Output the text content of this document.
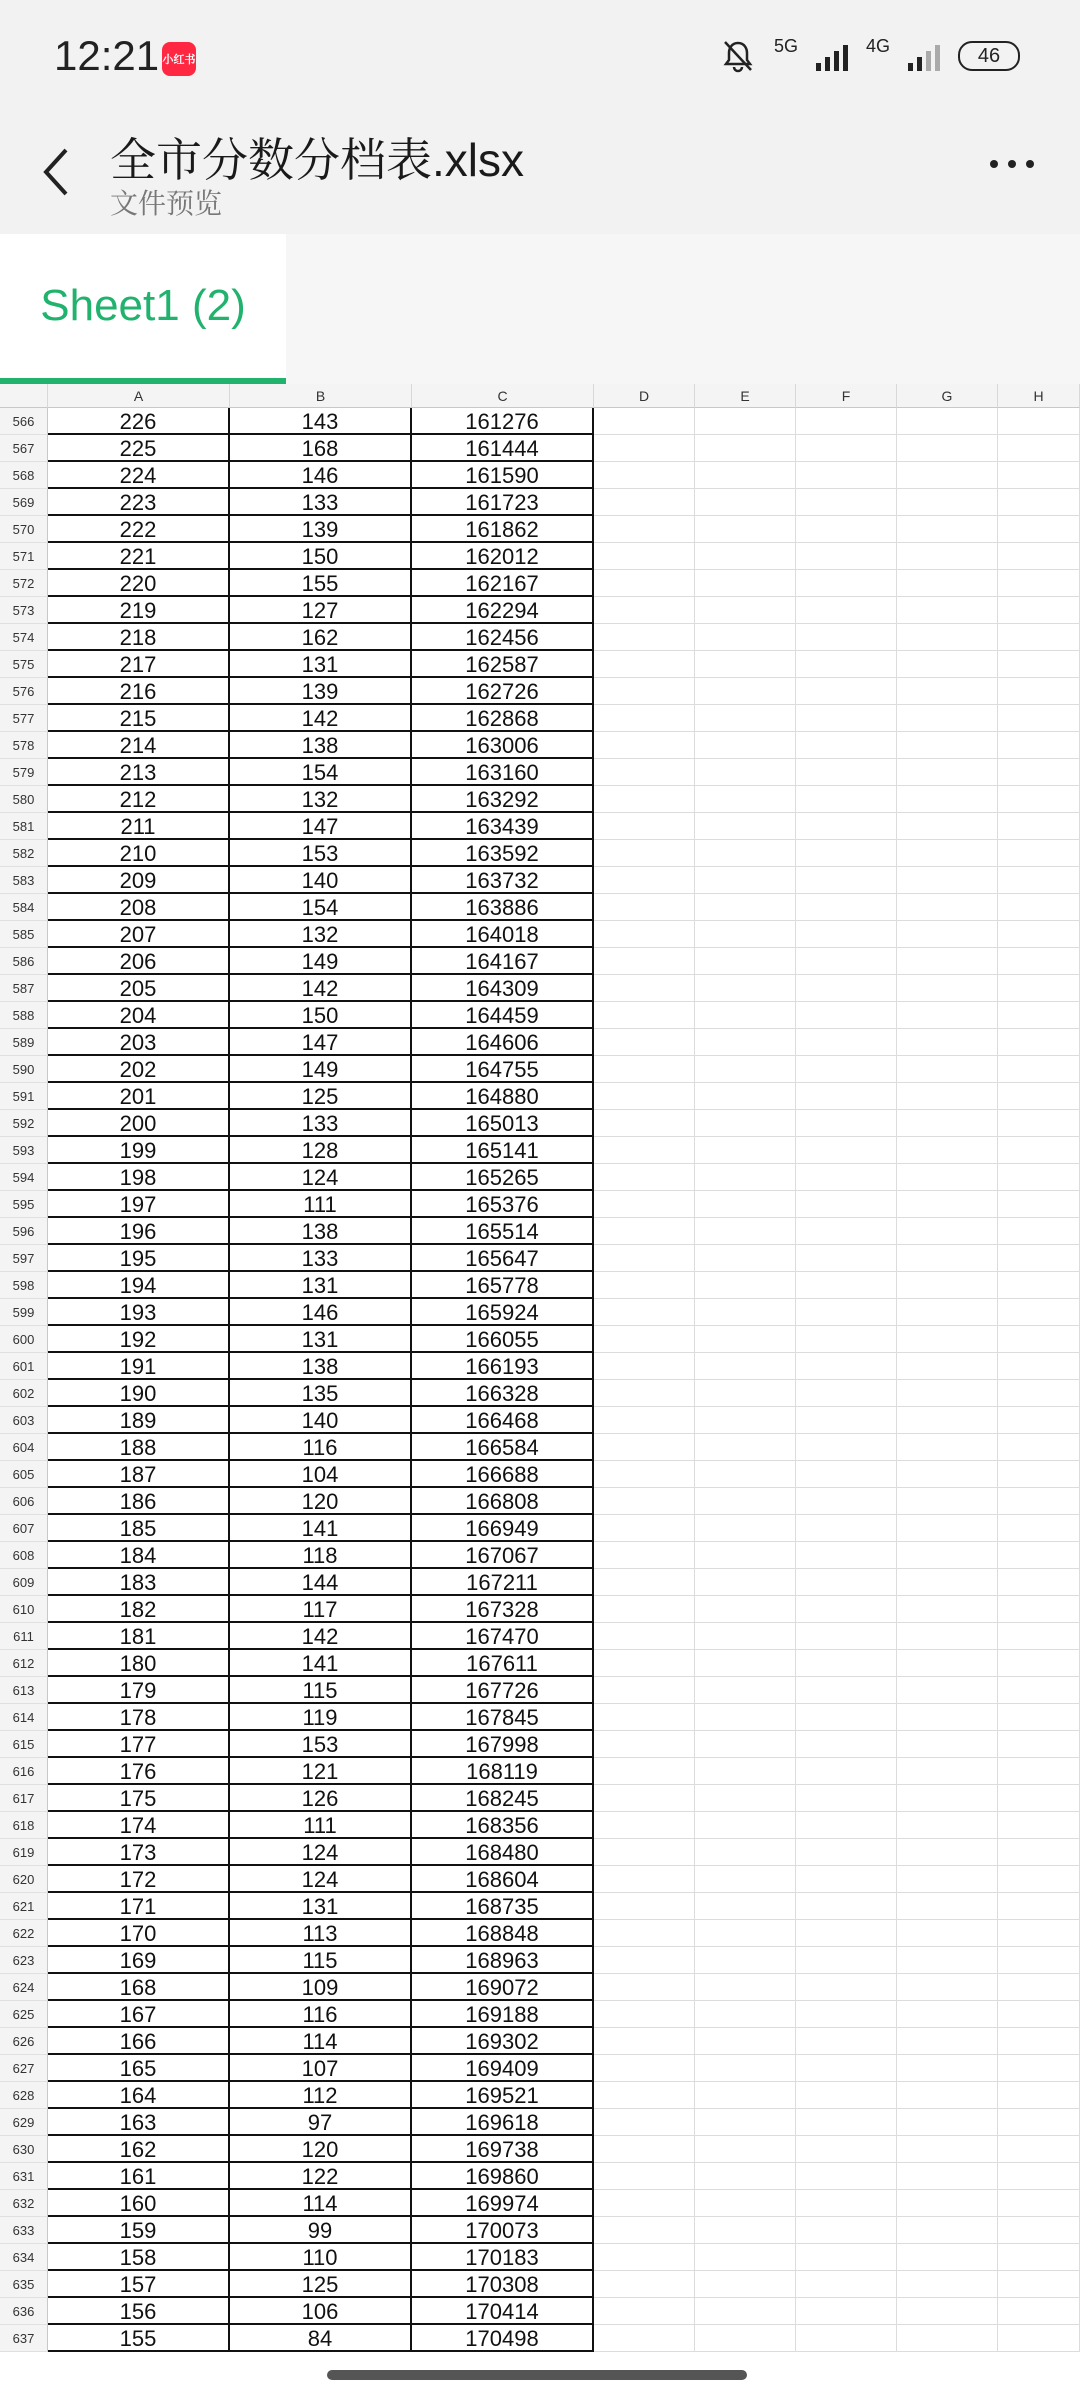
12:21 小红书
5G	4G	46
全市分数分档表.xlsx
文件预览
Sheet1 (2)
A	B	C	D	E	F	G	H
566	226	143	161276
567	225	168	161444
568	224	146	161590
569	223	133	161723
570	222	139	161862
571	221	150	162012
572	220	155	162167
573	219	127	162294
574	218	162	162456
575	217	131	162587
576	216	139	162726
577	215	142	162868
578	214	138	163006
579	213	154	163160
580	212	132	163292
581	211	147	163439
582	210	153	163592
583	209	140	163732
584	208	154	163886
585	207	132	164018
586	206	149	164167
587	205	142	164309
588	204	150	164459
589	203	147	164606
590	202	149	164755
591	201	125	164880
592	200	133	165013
593	199	128	165141
594	198	124	165265
595	197	111	165376
596	196	138	165514
597	195	133	165647
598	194	131	165778
599	193	146	165924
600	192	131	166055
601	191	138	166193
602	190	135	166328
603	189	140	166468
604	188	116	166584
605	187	104	166688
606	186	120	166808
607	185	141	166949
608	184	118	167067
609	183	144	167211
610	182	117	167328
611	181	142	167470
612	180	141	167611
613	179	115	167726
614	178	119	167845
615	177	153	167998
616	176	121	168119
617	175	126	168245
618	174	111	168356
619	173	124	168480
620	172	124	168604
621	171	131	168735
622	170	113	168848
623	169	115	168963
624	168	109	169072
625	167	116	169188
626	166	114	169302
627	165	107	169409
628	164	112	169521
629	163	97	169618
630	162	120	169738
631	161	122	169860
632	160	114	169974
633	159	99	170073
634	158	110	170183
635	157	125	170308
636	156	106	170414
637	155	84	170498
